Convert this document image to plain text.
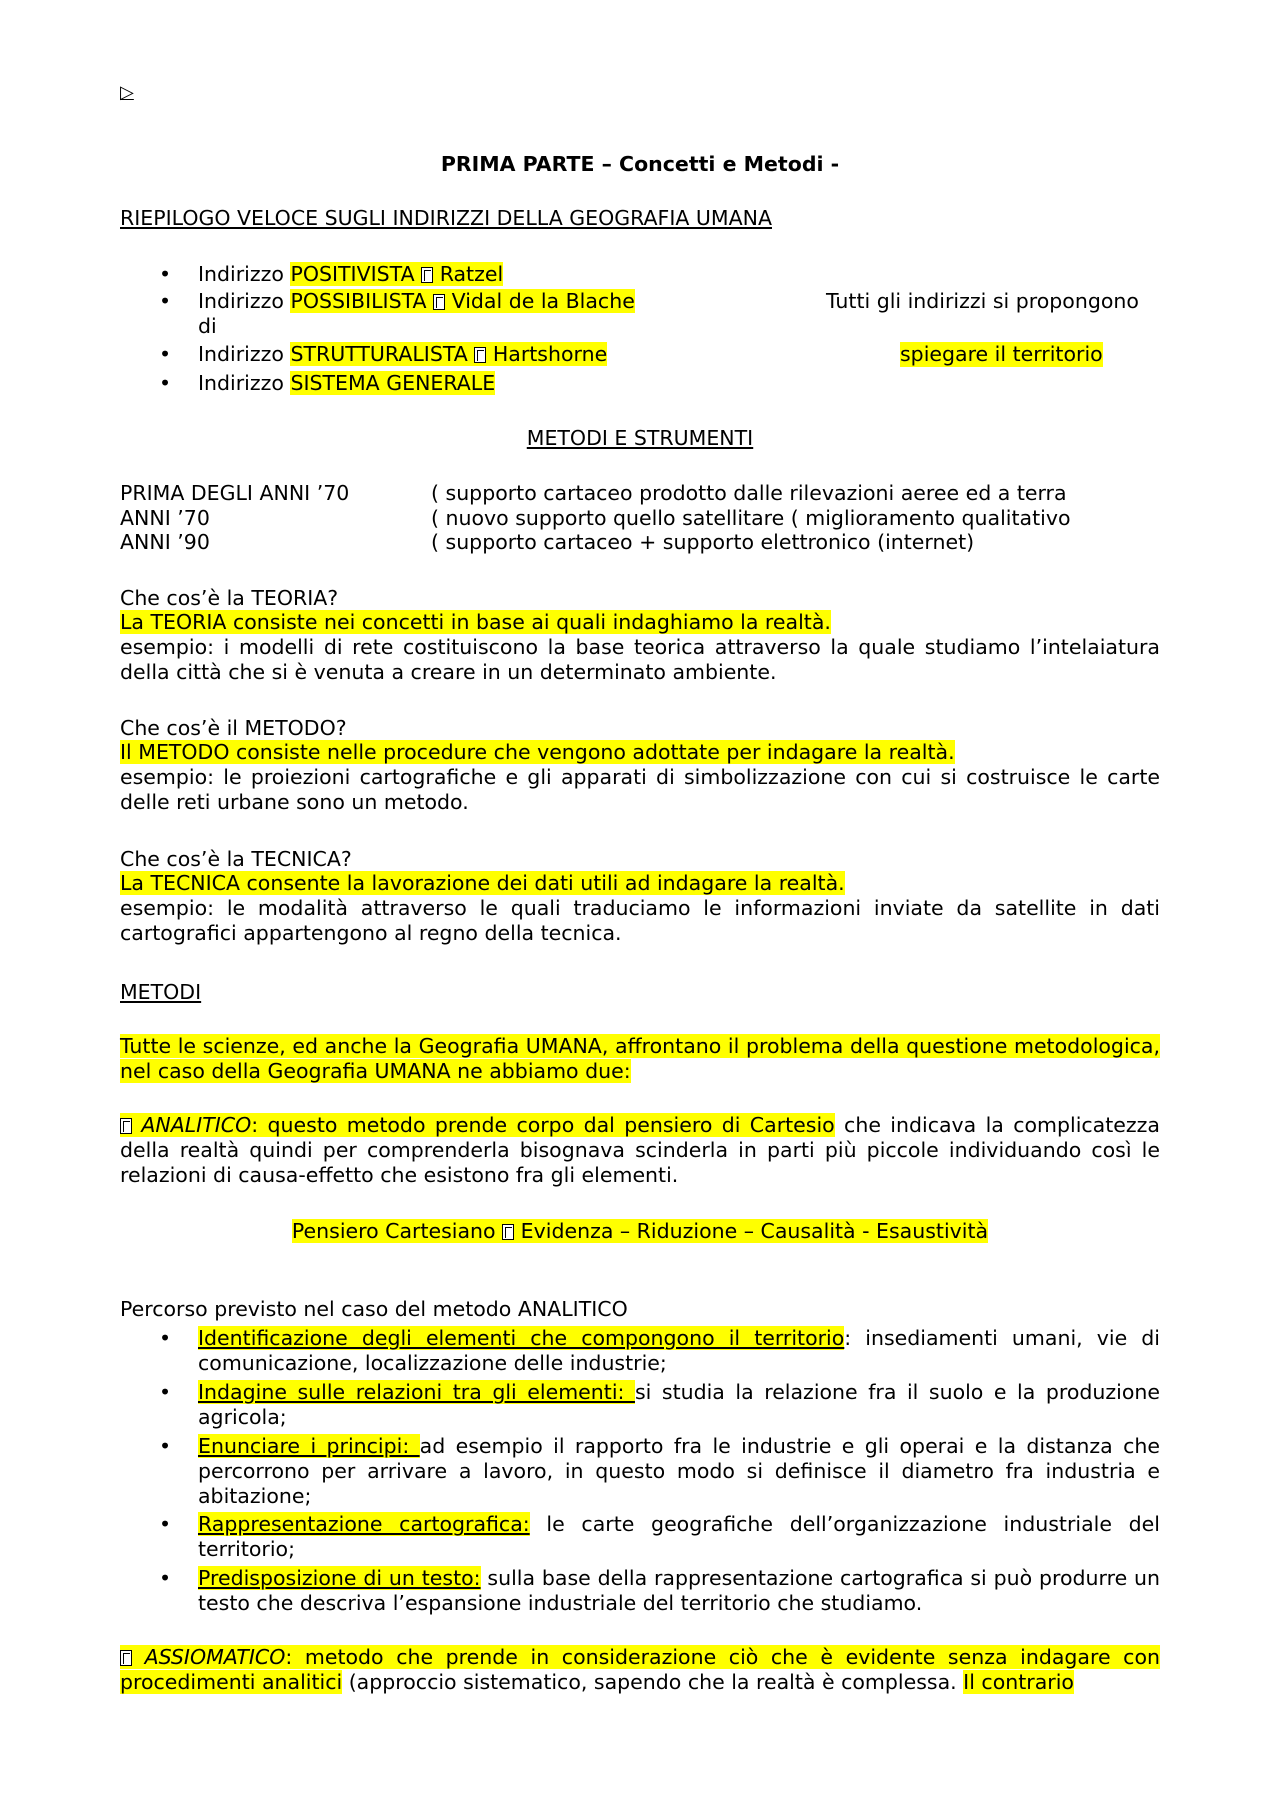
▷
PRIMA PARTE – Concetti e Metodi -
RIEPILOGO VELOCE SUGLI INDIRIZZI DELLA GEOGRAFIA UMANA
• Indirizzo POSITIVISTA Ratzel
• Indirizzo POSSIBILISTA Vidal de la Blache
di
• Indirizzo STRUTTURALISTA Hartshorne
• Indirizzo SISTEMA GENERALE
Tutti gli indirizzi si propongono
spiegare il territorio
METODI E STRUMENTI
PRIMA DEGLI ANNI ’70	( supporto cartaceo prodotto dalle rilevazioni aeree ed a terra
ANNI ’70	( nuovo supporto quello satellitare ( miglioramento qualitativo
ANNI ’90	( supporto cartaceo + supporto elettronico (internet)
Che cos’è la TEORIA?
La TEORIA consiste nei concetti in base ai quali indaghiamo la realtà.
esempio: i modelli di rete costituiscono la base teorica attraverso la quale studiamo l’intelaiatura della città che si è venuta a creare in un determinato ambiente.
Che cos’è il METODO?
Il METODO consiste nelle procedure che vengono adottate per indagare la realtà.
esempio: le proiezioni cartografiche e gli apparati di simbolizzazione con cui si costruisce le carte delle reti urbane sono un metodo.
Che cos’è la TECNICA?
La TECNICA consente la lavorazione dei dati utili ad indagare la realtà.
esempio: le modalità attraverso le quali traduciamo le informazioni inviate da satellite in dati cartografici appartengono al regno della tecnica.
METODI
Tutte le scienze, ed anche la Geografia UMANA, affrontano il problema della questione metodologica, nel caso della Geografia UMANA ne abbiamo due:
ANALITICO: questo metodo prende corpo dal pensiero di Cartesio che indicava la complicatezza della realtà quindi per comprenderla bisognava scinderla in parti più piccole individuando così le relazioni di causa-effetto che esistono fra gli elementi.
Pensiero Cartesiano Evidenza – Riduzione – Causalità - Esaustività
Percorso previsto nel caso del metodo ANALITICO
• Identificazione degli elementi che compongono il territorio: insediamenti umani, vie di comunicazione, localizzazione delle industrie;
• Indagine sulle relazioni tra gli elementi: si studia la relazione fra il suolo e la produzione agricola;
• Enunciare i principi: ad esempio il rapporto fra le industrie e gli operai e la distanza che percorrono per arrivare a lavoro, in questo modo si definisce il diametro fra industria e abitazione;
• Rappresentazione cartografica: le carte geografiche dell’organizzazione industriale del territorio;
• Predisposizione di un testo: sulla base della rappresentazione cartografica si può produrre un testo che descriva l’espansione industriale del territorio che studiamo.
ASSIOMATICO: metodo che prende in considerazione ciò che è evidente senza indagare con procedimenti analitici (approccio sistematico, sapendo che la realtà è complessa. Il contrario
